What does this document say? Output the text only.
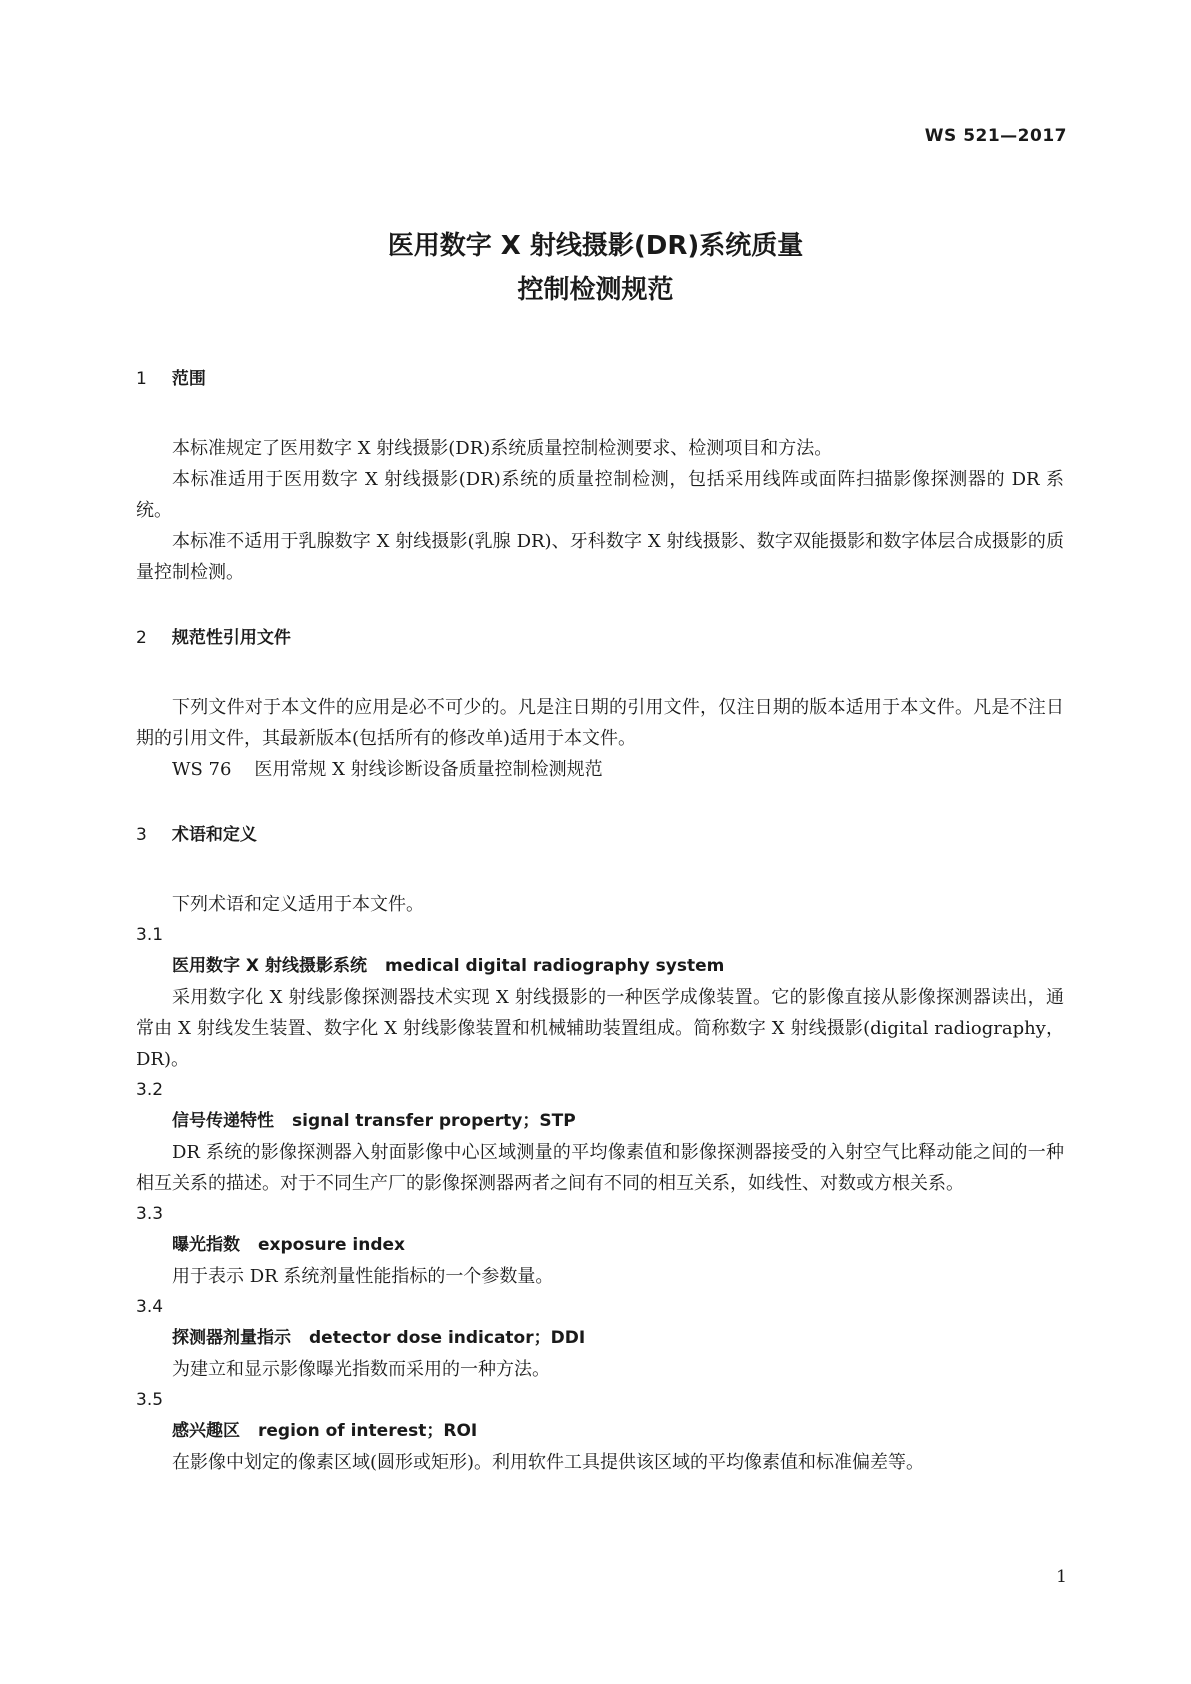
WS 521—2017
医用数字 X 射线摄影(DR)系统质量
控制检测规范
1 范围

本标准规定了医用数字 X 射线摄影(DR)系统质量控制检测要求、检测项目和方法。

本标准适用于医用数字 X 射线摄影(DR)系统的质量控制检测，包括采用线阵或面阵扫描影像探测器的 DR 系统。

本标准不适用于乳腺数字 X 射线摄影(乳腺 DR)、牙科数字 X 射线摄影、数字双能摄影和数字体层合成摄影的质量控制检测。

2 规范性引用文件

下列文件对于本文件的应用是必不可少的。凡是注日期的引用文件，仅注日期的版本适用于本文件。凡是不注日期的引用文件，其最新版本(包括所有的修改单)适用于本文件。

WS 76 医用常规 X 射线诊断设备质量控制检测规范

3 术语和定义

下列术语和定义适用于本文件。

3.1
医用数字 X 射线摄影系统 medical digital radiography system

采用数字化 X 射线影像探测器技术实现 X 射线摄影的一种医学成像装置。它的影像直接从影像探测器读出，通常由 X 射线发生装置、数字化 X 射线影像装置和机械辅助装置组成。简称数字 X 射线摄影(digital radiography，DR)。

3.2
信号传递特性 signal transfer property；STP

DR 系统的影像探测器入射面影像中心区域测量的平均像素值和影像探测器接受的入射空气比释动能之间的一种相互关系的描述。对于不同生产厂的影像探测器两者之间有不同的相互关系，如线性、对数或方根关系。

3.3
曝光指数 exposure index

用于表示 DR 系统剂量性能指标的一个参数量。

3.4
探测器剂量指示 detector dose indicator；DDI

为建立和显示影像曝光指数而采用的一种方法。

3.5
感兴趣区 region of interest；ROI

在影像中划定的像素区域(圆形或矩形)。利用软件工具提供该区域的平均像素值和标准偏差等。

1
